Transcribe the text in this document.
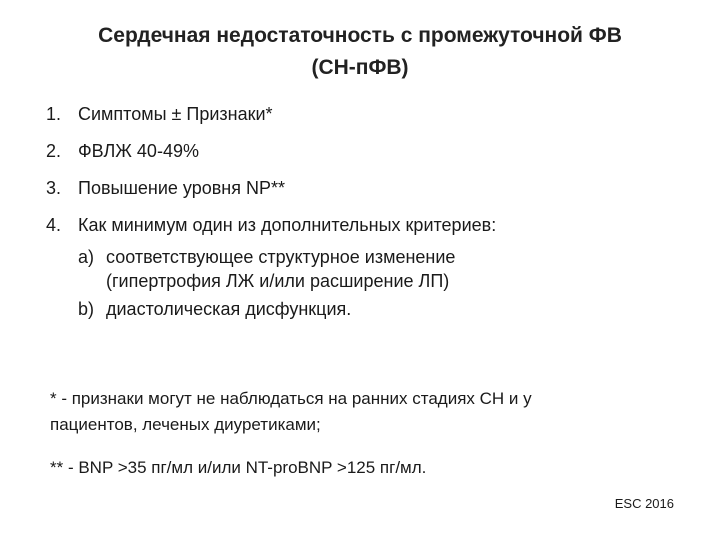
Сердечная недостаточность с промежуточной ФВ
(СН-пФВ)
1. Симптомы ± Признаки*
2. ФВЛЖ 40-49%
3. Повышение уровня NP**
4. Как минимум один из дополнительных критериев:
a) соответствующее структурное изменение
(гипертрофия ЛЖ и/или расширение ЛП)
b) диастолическая дисфункция.
* - признаки могут не наблюдаться на ранних стадиях СН и у
пациентов, леченых диуретиками;
** - BNP >35 пг/мл и/или NT-proBNP >125 пг/мл.
ESC 2016
